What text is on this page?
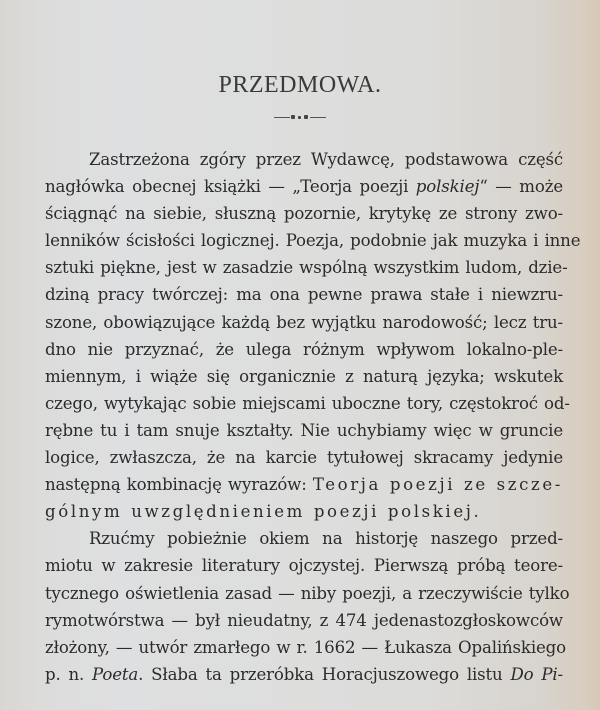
PRZEDMOWA.
Zastrzeżona zgóry przez Wydawcę, podstawowa część
nagłówka obecnej książki — „Teorja poezji polskiej“ — może
ściągnąć na siebie, słuszną pozornie, krytykę ze strony zwo-
lenników ścisłości logicznej. Poezja, podobnie jak muzyka i inne
sztuki piękne, jest w zasadzie wspólną wszystkim ludom, dzie-
dziną pracy twórczej: ma ona pewne prawa stałe i niewzru-
szone, obowiązujące każdą bez wyjątku narodowość; lecz tru-
dno nie przyznać, że ulega różnym wpływom lokalno-ple-
miennym, i wiąże się organicznie z naturą języka; wskutek
czego, wytykając sobie miejscami uboczne tory, częstokroć od-
rębne tu i tam snuje kształty. Nie uchybiamy więc w gruncie
logice, zwłaszcza, że na karcie tytułowej skracamy jedynie
następną kombinację wyrazów: Teorja poezji ze szcze-
gólnym uwzględnieniem poezji polskiej.
Rzućmy pobieżnie okiem na historję naszego przed-
miotu w zakresie literatury ojczystej. Pierwszą próbą teore-
tycznego oświetlenia zasad — niby poezji, a rzeczywiście tylko
rymotwórstwa — był nieudatny, z 474 jedenastozgłoskowców
złożony, — utwór zmarłego w r. 1662 — Łukasza Opalińskiego
p. n. Poeta. Słaba ta przeróbka Horacjuszowego listu Do Pi-
